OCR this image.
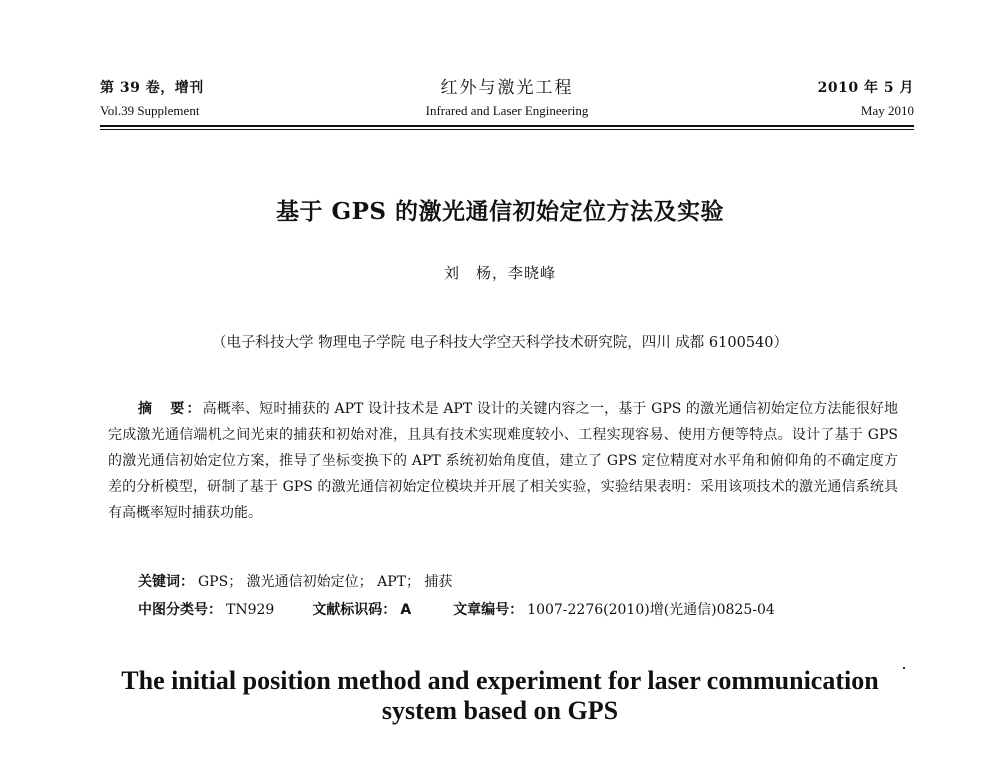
红外与激光工程
Infrared and Laser Engineering
第 39 卷，增刊
Vol.39 Supplement
2010 年 5 月
May 2010
基于 GPS 的激光通信初始定位方法及实验
刘　杨，李晓峰
（电子科技大学 物理电子学院 电子科技大学空天科学技术研究院，四川 成都 6100540）

摘　要：高概率、短时捕获的 APT 设计技术是 APT 设计的关键内容之一，基于 GPS 的激光通信初始定位方法能很好地完成激光通信端机之间光束的捕获和初始对准，且具有技术实现难度较小、工程实现容易、使用方便等特点。设计了基于 GPS 的激光通信初始定位方案，推导了坐标变换下的 APT 系统初始角度值，建立了 GPS 定位精度对水平角和俯仰角的不确定度方差的分析模型，研制了基于 GPS 的激光通信初始定位模块并开展了相关实验，实验结果表明：采用该项技术的激光通信系统具有高概率短时捕获功能。

关键词： GPS； 激光通信初始定位； APT； 捕获
中图分类号： TN929	文献标识码： A	文章编号： 1007-2276(2010)增(光通信)0825-04
The initial position method and experiment for laser communication
system based on GPS
